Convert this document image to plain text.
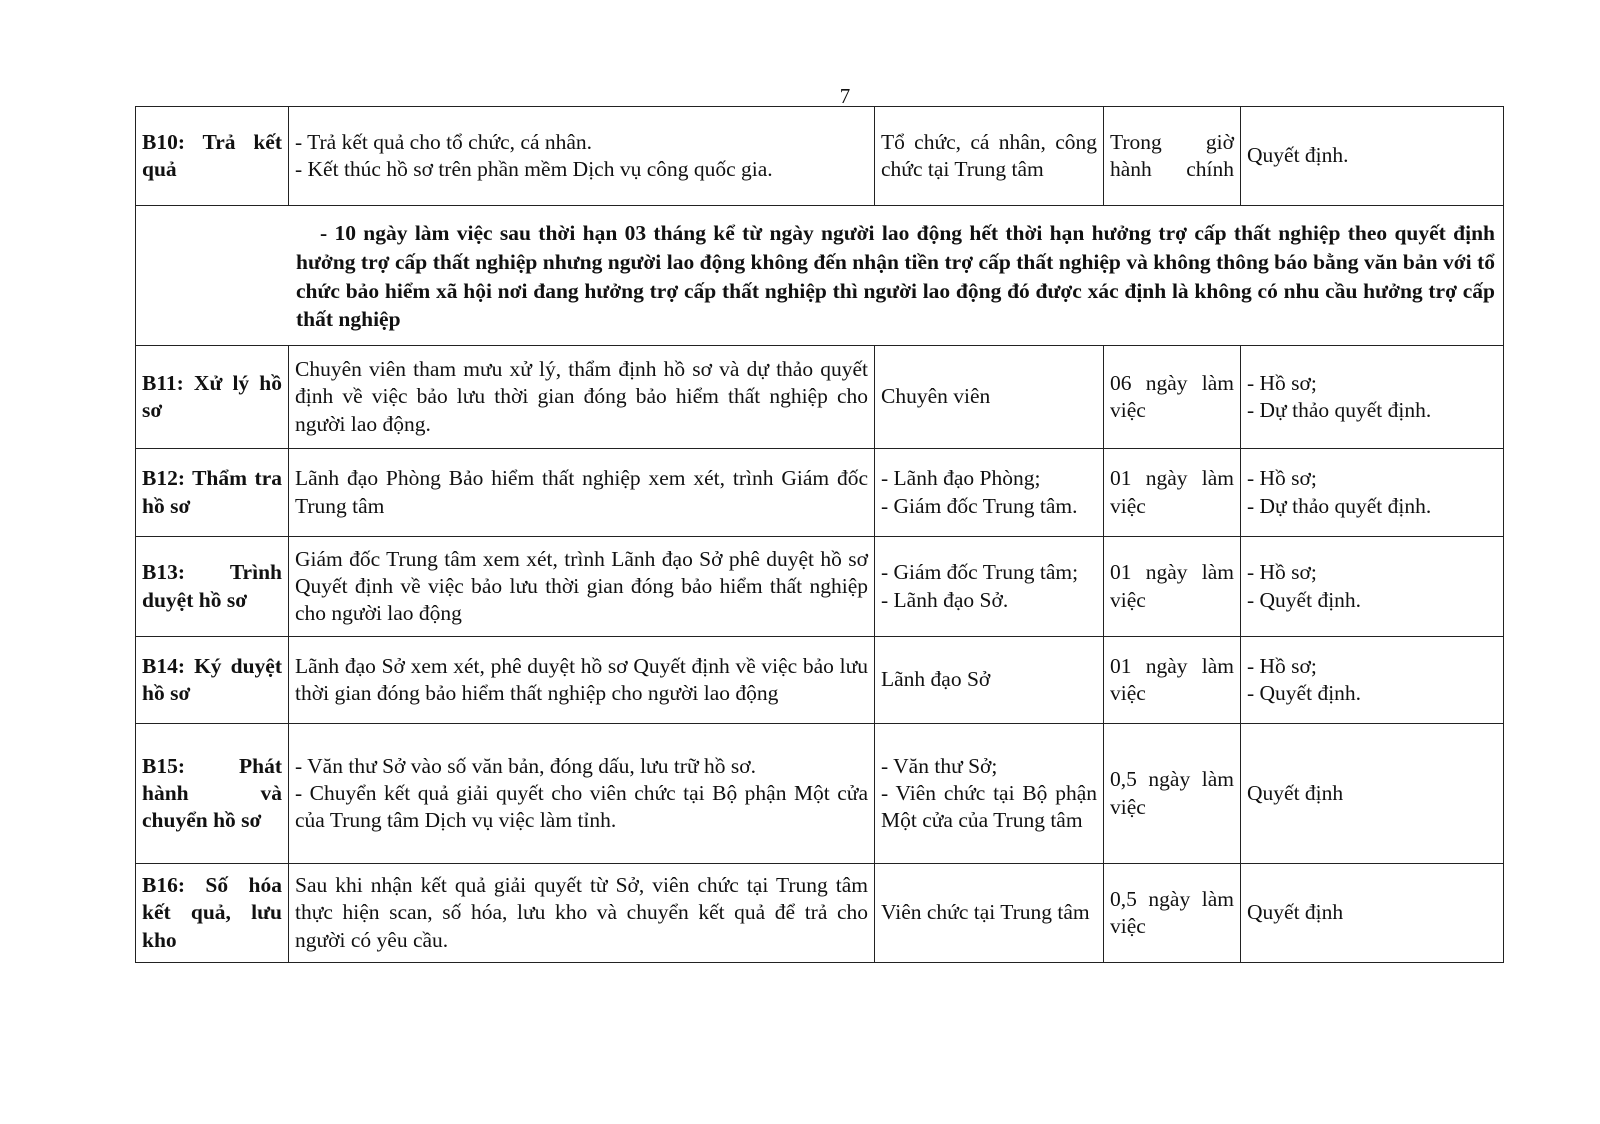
7
B10: Trả kết quả	- Trả kết quả cho tổ chức, cá nhân.
- Kết thúc hồ sơ trên phần mềm Dịch vụ công quốc gia.	Tổ chức, cá nhân, công chức tại Trung tâm	Trong giờ hành chính	Quyết định.

- 10 ngày làm việc sau thời hạn 03 tháng kể từ ngày người lao động hết thời hạn hưởng trợ cấp thất nghiệp theo quyết định hưởng trợ cấp thất nghiệp nhưng người lao động không đến nhận tiền trợ cấp thất nghiệp và không thông báo bằng văn bản với tổ chức bảo hiểm xã hội nơi đang hưởng trợ cấp thất nghiệp thì người lao động đó được xác định là không có nhu cầu hưởng trợ cấp thất nghiệp				
B11: Xử lý hồ sơ	Chuyên viên tham mưu xử lý, thẩm định hồ sơ và dự thảo quyết định về việc bảo lưu thời gian đóng bảo hiểm thất nghiệp cho người lao động.	Chuyên viên	06 ngày làm việc	- Hồ sơ;
- Dự thảo quyết định.

B12: Thẩm tra hồ sơ	Lãnh đạo Phòng Bảo hiểm thất nghiệp xem xét, trình Giám đốc Trung tâm	- Lãnh đạo Phòng;
- Giám đốc Trung tâm.	01 ngày làm việc	- Hồ sơ;
- Dự thảo quyết định.

B13: Trình duyệt hồ sơ	Giám đốc Trung tâm xem xét, trình Lãnh đạo Sở phê duyệt hồ sơ Quyết định về việc bảo lưu thời gian đóng bảo hiểm thất nghiệp cho người lao động	- Giám đốc Trung tâm;
- Lãnh đạo Sở.	01 ngày làm việc	- Hồ sơ;
- Quyết định.

B14: Ký duyệt hồ sơ	Lãnh đạo Sở xem xét, phê duyệt hồ sơ Quyết định về việc bảo lưu thời gian đóng bảo hiểm thất nghiệp cho người lao động	Lãnh đạo Sở	01 ngày làm việc	- Hồ sơ;
- Quyết định.

B15: Phát hành và chuyển hồ sơ	- Văn thư Sở vào số văn bản, đóng dấu, lưu trữ hồ sơ.
- Chuyển kết quả giải quyết cho viên chức tại Bộ phận Một cửa của Trung tâm Dịch vụ việc làm tỉnh.	- Văn thư Sở;
- Viên chức tại Bộ phận Một cửa của Trung tâm	0,5 ngày làm việc	Quyết định

B16: Số hóa kết quả, lưu kho	Sau khi nhận kết quả giải quyết từ Sở, viên chức tại Trung tâm thực hiện scan, số hóa, lưu kho và chuyển kết quả để trả cho người có yêu cầu.	Viên chức tại Trung tâm	0,5 ngày làm việc	Quyết định
